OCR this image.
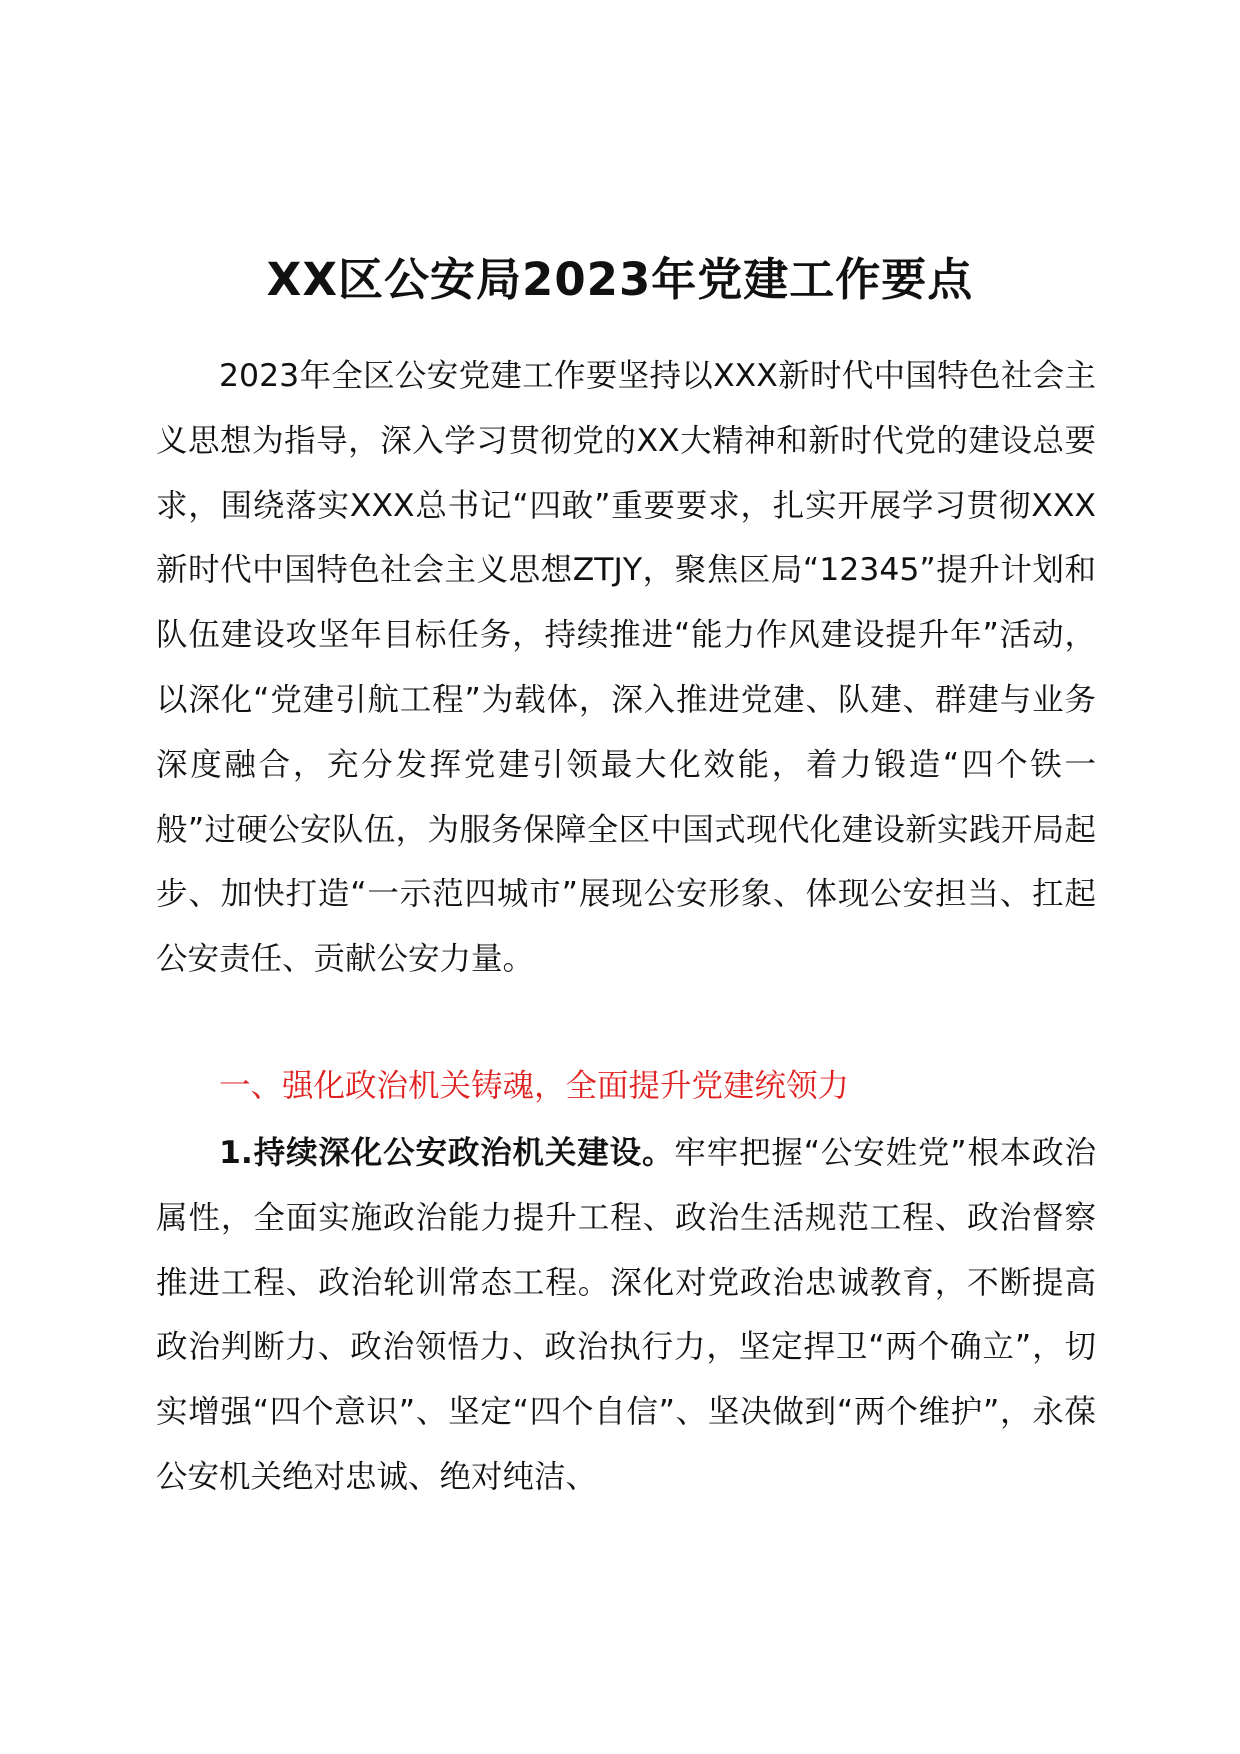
XX区公安局2023年党建工作要点

2023年全区公安党建工作要坚持以XXX新时代中国特色社会主义思想为指导，深入学习贯彻党的XX大精神和新时代党的建设总要求，围绕落实XXX总书记“四敢”重要要求，扎实开展学习贯彻XXX新时代中国特色社会主义思想ZTJY，聚焦区局“12345”提升计划和队伍建设攻坚年目标任务，持续推进“能力作风建设提升年”活动，以深化“党建引航工程”为载体，深入推进党建、队建、群建与业务深度融合，充分发挥党建引领最大化效能，着力锻造“四个铁一般”过硬公安队伍，为服务保障全区中国式现代化建设新实践开局起步、加快打造“一示范四城市”展现公安形象、体现公安担当、扛起公安责任、贡献公安力量。

一、强化政治机关铸魂，全面提升党建统领力

1.持续深化公安政治机关建设。牢牢把握“公安姓党”根本政治属性，全面实施政治能力提升工程、政治生活规范工程、政治督察推进工程、政治轮训常态工程。深化对党政治忠诚教育，不断提高政治判断力、政治领悟力、政治执行力，坚定捍卫“两个确立”，切实增强“四个意识”、坚定“四个自信”、坚决做到“两个维护”，永葆公安机关绝对忠诚、绝对纯洁、
